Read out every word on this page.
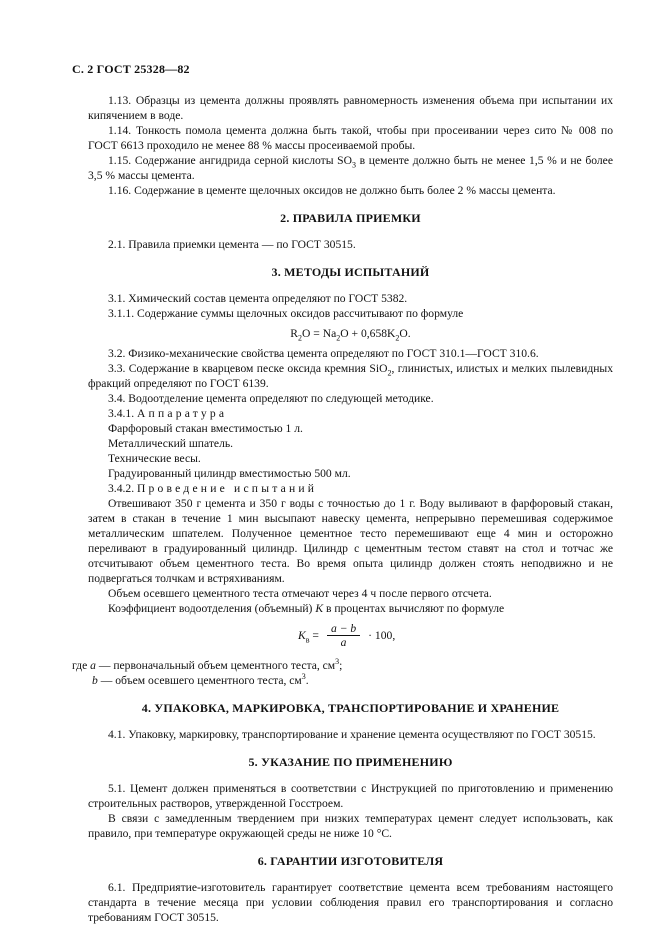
С. 2 ГОСТ 25328—82

1.13. Образцы из цемента должны проявлять равномерность изменения объема при испытании их кипячением в воде.

1.14. Тонкость помола цемента должна быть такой, чтобы при просеивании через сито № 008 по ГОСТ 6613 проходило не менее 88 % массы просеиваемой пробы.

1.15. Содержание ангидрида серной кислоты $SO_3$ в цементе должно быть не менее 1,5 % и не более 3,5 % массы цемента.

1.16. Содержание в цементе щелочных оксидов не должно быть более 2 % массы цемента.

2. ПРАВИЛА ПРИЕМКИ

2.1. Правила приемки цемента — по ГОСТ 30515.

3. МЕТОДЫ ИСПЫТАНИЙ

3.1. Химический состав цемента определяют по ГОСТ 5382.

3.1.1. Содержание суммы щелочных оксидов рассчитывают по формуле

$R_2O = Na_2O + 0,658K_2O$.

3.2. Физико-механические свойства цемента определяют по ГОСТ 310.1—ГОСТ 310.6.

3.3. Содержание в кварцевом песке оксида кремния SiO$_2$, глинистых, илистых и мелких пылевидных фракций определяют по ГОСТ 6139.

3.4. Водоотделение цемента определяют по следующей методике.

3.4.1. Аппаратура

Фарфоровый стакан вместимостью 1 л.

Металлический шпатель.

Технические весы.

Градуированный цилиндр вместимостью 500 мл.

3.4.2. Проведение испытаний

Отвешивают 350 г цемента и 350 г воды с точностью до 1 г. Воду выливают в фарфоровый стакан, затем в стакан в течение 1 мин высыпают навеску цемента, непрерывно перемешивая содержимое металлическим шпателем. Полученное цементное тесто перемешивают еще 4 мин и осторожно переливают в градуированный цилиндр. Цилиндр с цементным тестом ставят на стол и тотчас же отсчитывают объем цементного теста. Во время опыта цилиндр должен стоять неподвижно и не подвергаться толчкам и встряхиваниям.

Объем осевшего цементного теста отмечают через 4 ч после первого отсчета.

Коэффициент водоотделения (объемный) K в процентах вычисляют по формуле

$K_в = \frac{a - b}{a} \cdot 100$,

где a — первоначальный объем цементного теста, $см^3$;

b — объем осевшего цементного теста, $см^3$.

4. УПАКОВКА, МАРКИРОВКА, ТРАНСПОРТИРОВАНИЕ И ХРАНЕНИЕ

4.1. Упаковку, маркировку, транспортирование и хранение цемента осуществляют по ГОСТ 30515.

5. УКАЗАНИЕ ПО ПРИМЕНЕНИЮ

5.1. Цемент должен применяться в соответствии с Инструкцией по приготовлению и применению строительных растворов, утвержденной Госстроем.

В связи с замедленным твердением при низких температурах цемент следует использовать, как правило, при температуре окружающей среды не ниже 10 °С.

6. ГАРАНТИИ ИЗГОТОВИТЕЛЯ

6.1. Предприятие-изготовитель гарантирует соответствие цемента всем требованиям настоящего стандарта в течение месяца при условии соблюдения правил его транспортирования и согласно требованиям ГОСТ 30515.
